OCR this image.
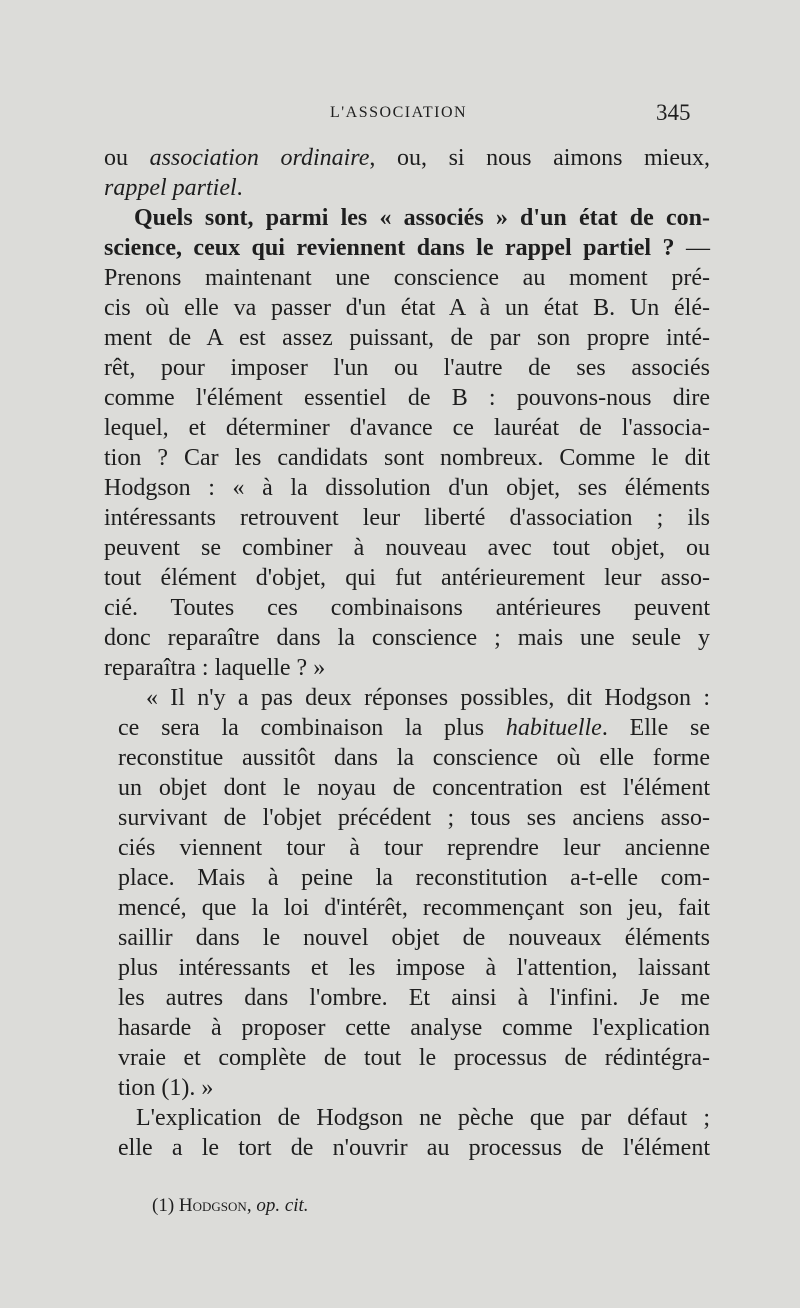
L'ASSOCIATION	345
ou association ordinaire, ou, si nous aimons mieux,
rappel partiel.
Quels sont, parmi les « associés » d'un état de con-
science, ceux qui reviennent dans le rappel partiel ? —
Prenons maintenant une conscience au moment pré-
cis où elle va passer d'un état A à un état B. Un élé-
ment de A est assez puissant, de par son propre inté-
rêt, pour imposer l'un ou l'autre de ses associés
comme l'élément essentiel de B : pouvons-nous dire
lequel, et déterminer d'avance ce lauréat de l'associa-
tion ? Car les candidats sont nombreux. Comme le dit
Hodgson : « à la dissolution d'un objet, ses éléments
intéressants retrouvent leur liberté d'association ; ils
peuvent se combiner à nouveau avec tout objet, ou
tout élément d'objet, qui fut antérieurement leur asso-
cié. Toutes ces combinaisons antérieures peuvent
donc reparaître dans la conscience ; mais une seule y
reparaîtra : laquelle ? »
« Il n'y a pas deux réponses possibles, dit Hodgson :
ce sera la combinaison la plus habituelle. Elle se
reconstitue aussitôt dans la conscience où elle forme
un objet dont le noyau de concentration est l'élément
survivant de l'objet précédent ; tous ses anciens asso-
ciés viennent tour à tour reprendre leur ancienne
place. Mais à peine la reconstitution a-t-elle com-
mencé, que la loi d'intérêt, recommençant son jeu, fait
saillir dans le nouvel objet de nouveaux éléments
plus intéressants et les impose à l'attention, laissant
les autres dans l'ombre. Et ainsi à l'infini. Je me
hasarde à proposer cette analyse comme l'explication
vraie et complète de tout le processus de rédintégra-
tion (1). »
L'explication de Hodgson ne pèche que par défaut ;
elle a le tort de n'ouvrir au processus de l'élément
(1) Hodgson, op. cit.
